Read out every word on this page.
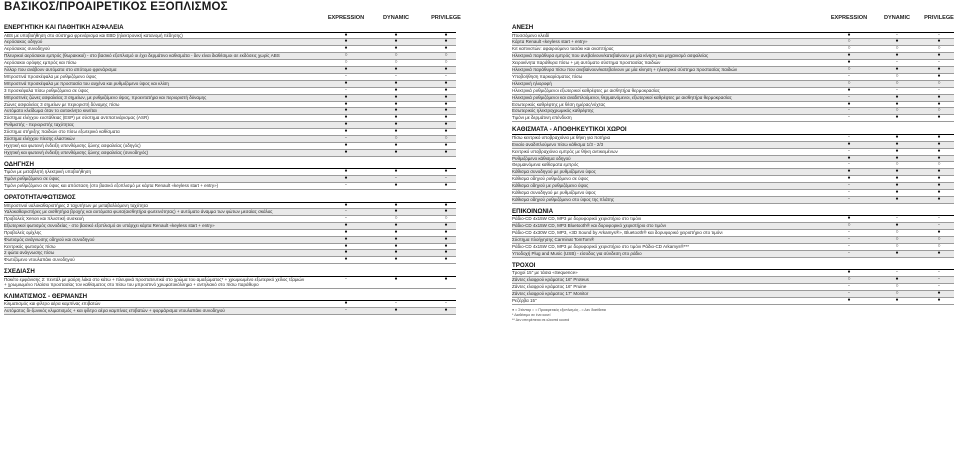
ΒΑΣΙΚΟΣ/ΠΡΟΑΙΡΕΤΙΚΟΣ ΕΞΟΠΛΙΣΜΟΣ
EXPRESSION	DYNAMIC	PRIVILEGE
ΕΝΕΡΓΗΤΙΚΗ ΚΑΙ ΠΑΘΗΤΙΚΗ ΑΣΦΑΛΕΙΑ
ABS με υποβοήθηση στο σύστημα φρενάρισμα και EBD (ηλεκτρονική κατανομή πέδησης)	●	●	●
Αερόσακος οδηγού	●	●	●
Αερόσακος συνοδηγού	●	●	●
Πλευρικοί αερόσακοι εμπρός (θωρακικοί) - στο βασικό εξοπλισμό οι έχει δερμάτινο καθισμάτα - δεν είναι διαθέσιμοι σε εκδόσεις χωρίς ABS	○	○	○
Αερόσακοι ορόφης εμπρός και πίσω	○	○	○
Άλλαρ που ανάβουν αυτόματα στο απότομο φρενάρισμα	●	●	●
Μπροστινά προσκέφαλα με ρυθμιζόμενο ύψος	-	-	-
Μπροστινά προσκέφαλα με προστασία του αυχένα και ρυθμιζόμενο ύψος και κλίση	●	●	●
3 προσκέφαλα πίσω ρυθμιζόμενα σε ύψος	-	●	●
Μπροστινές ζώνες ασφαλείας 3 σημείων, με ρυθμιζόμενο ύψος, προεντατήρα και περιοριστή δύναμης	●	●	●
Ζώνες ασφαλείας 3 σημείων με περιοριστή δύναμης πίσω	●	●	●
Αυτόματο κλείδωμα όταν το αυτοκίνητο κινείται	●	●	●
Σύστημα ελέγχου ευστάθειας (ESP) με σύστημα αντιπατινάρισμας (ASR)	●	●	●
Ρυθμιστής - περιοριστής ταχύτητας	●	●	●
Σύστημα στήριξης παιδιών στο πίσω εξωτερικό καθίσματα	●	●	●
Σύστημα ελέγχου πίεσης ελαστικών	-	○	○
Ηχητική και φωτεινή ένδειξη υπενθύμισης ζώνης ασφαλείας (οδηγός)	●	●	●
Ηχητική και φωτεινή ένδειξη υπενθύμισης ζώνης ασφαλείας (συνοδηγός)	●	●	●
ΟΔΗΓΗΣΗ
Τιμόνι με μεταβλητή ηλεκτρική υποβοήθηση	●	●	●
Τιμόνι ρυθμιζόμενο σε ύψος	●	-	-
Τιμόνι ρυθμιζόμενο σε ύψος και απόσταση (στο βασικό εξοπλισμό με κάρτα Renault «keyless start + entry»)	-	●	●
ΟΡΑΤΟΤΗΤΑ/ΦΩΤΙΣΜΟΣ
Μπροστινοί υαλοκαθαριστήρες 2 ταχυτήτων με μεταβαλλόμενη ταχύτητα	●	●	●
Υαλοκαθαριστήρες με αισθητήρα βροχής και αυτόματα φωτα(αισθητήρα φωτεινότητας) + αυτόματο άναμμα των φώτων μεσαίας σκάλας	-	●	●
Προβολείς Xenon και πλυστική συσκευή	-	○	○
Εξωτερικοί φωτισμός συνοδείας - στο βασικό εξοπλισμό αν υπάρχει κάρτα Renault «keyless start + entry»	●	●	●
Προβολείς ομίχλης	●	●	●
Φωτισμός ανάγνωσης οδηγού και συνοδηγού	●	●	●
Κεντρικός φωτισμός πίσω	●	●	●
2 φώτα ανάγνωσης πίσω	●	●	●
Φωτιζόμενο ντουλαπάκι συνοδηγού	●	●	●
ΣΧΕΔΙΑΣΗ
Πακέτο εμφάνισης 2: πεντάλ με μαύρη λάκα στο κάτω + πλευρικά προστατευτικά στο χρώμα του αμαξώματος* + χρωμιωμένο εξωτερικό χείλος τζαμιών + χρωμιωμένο πλαίσιο προστασίας τον καθίσματος στο πίσω του μπροστινό χρωματοκόλλημα + αντηλιακό στο πίσω παράθυρο
-	●	●
ΚΛΙΜΑΤΙΣΜΟΣ - ΘΕΡΜΑΝΣΗ
Κλιματισμός και φίλτρο αέρα καμπίνας επιβατών	●	-	-
Αυτόματος δι-ζωνικός κλιματισμός + και φίλτρο αέρα καμπίνας επιβατών + φορμάρισμα ντουλαπάκι συνοδηγού	-	●	●
EXPRESSION	DYNAMIC	PRIVILEGE
ΑΝΕΣΗ
Πτυσσόμενο κλειδί	●	-	-
Κάρτα Renault «keyless start + entry»	○	●	●
Κιτ καπνιστών: αφαιρούμενο τασάκι και αναπτήρας	○	○	○
Ηλεκτρικά παράθυρα εμπρός που ανεβαίνουν/κατεβαίνουν με μία κίνηση και μηχανισμό ασφαλείας	●	●	●
Χειροκίνητα παράθυρα πίσω + μη αυτόματο σύστημα προστασίας παιδιών	●	-	-
Ηλεκτρικά παράθυρα πίσω που ανεβαίνουν/κατεβαίνουν με μία κίνηση + ηλεκτρικό σύστημα προστασίας παιδιών	○	●	●
Υποβοήθηση παρκαρίσματος πίσω	-	○	●
Ηλεκτρική ηλιοροφή	○	○	○
Ηλεκτρικά ρυθμιζόμενοι εξωτερικοί καθρέφτες με αισθητήρα θερμοκρασίας	●	-	-
Ηλεκτρικά ρυθμιζόμενοι και αναδιπλούμενοι, θερμαινόμενοι, εξωτερικοί καθρέφτες με αισθητήρα θερμοκρασίας	-	●	●
Εσωτερικός καθρέφτης με θέση ημέρας/νύχτας	●	●	●
Εσωτερικός ηλεκτροχρωμικός καθρέφτης	-	○	○
Τιμόνι με δερμάτινη επένδυση	-	●	●
ΚΑΘΙΣΜΑΤΑ - ΑΠΟΘΗΚΕΥΤΙΚΟΙ ΧΩΡΟΙ
Πίσω κεντρικό υποβραχιόνιο με θήκη για ποτήρια	-	●	●
Ενιαίο αναδιπλούμενο πίσω κάθισμα 1/3 - 2/3	●	●	●
Κεντρικό υποβραχιόνιο εμπρός με θήκη αντικειμένων	-	●	●
Ρυθμιζόμενο κάθισμα οδηγού	●	●	●
Θερμαινόμενα καθίσματα εμπρός	-	○	○
Κάθισμα συνοδηγού με ρυθμιζόμενο ύψος	●	●	●
Κάθισμα οδηγού ρυθμιζόμενο σε ύψος	●	●	●
Κάθισμα οδηγού με ρυθμιζόμενο ύψος	-	●	●
Κάθισμα συνοδηγού με ρυθμιζόμενο ύψος	-	●	●
Κάθισμα οδηγού ρυθμιζόμενο στο ύψος της πλάτης	-	●	●
ΕΠΙΚΟΙΝΩΝΙΑ
Ράδιο-CD 4x15W CD, MP3 με δορυφορικό χειριστήριο στο τιμόνι	●	-	-
Ράδιο-CD 4x15W CD, MP3 Bluetooth® και δορυφορικό χειριστήριο στο τιμόνι	○	●	-
Ράδιο-CD 4x30W CD, MP3, «3D Sound by Arkamys®», Bluetooth® και δορυφορικό χειριστήριο στο τιμόνι	-	○	●
Σύστημα πλοήγησης Carminat TomTom®	-	○	○
Ράδιο-CD 4x15W CD, MP3 με δορυφορικό χειριστήριο στο τιμόνι Ράδιο-CD Arkamys®***	-	○	○
Υποδοχή Plug and Music (USB) - είσοδος για σύνδεση στο ράδιο	-	●	●
ΤΡΟΧΟΙ
Τροχοί 15" με τάσια «Sequence»	●	-	-
Ζάντες ελαφρού κράματος 16" Proteus	○	●	-
Ζάντες ελαφρού κράματος 16" Pruine	-	○	-
Ζάντες ελαφρού κράματος 17" Monitor	-	○	●
Ρεζέρβα 15"	●	●	●
● = Στάνταρ ○ = Προαιρετικός εξοπλισμός - = Δεν διατίθεται
* Διαθέσιμο σε ένα κουτί
** Δεν επιτρέπεται σε κλειστά κουτιά
